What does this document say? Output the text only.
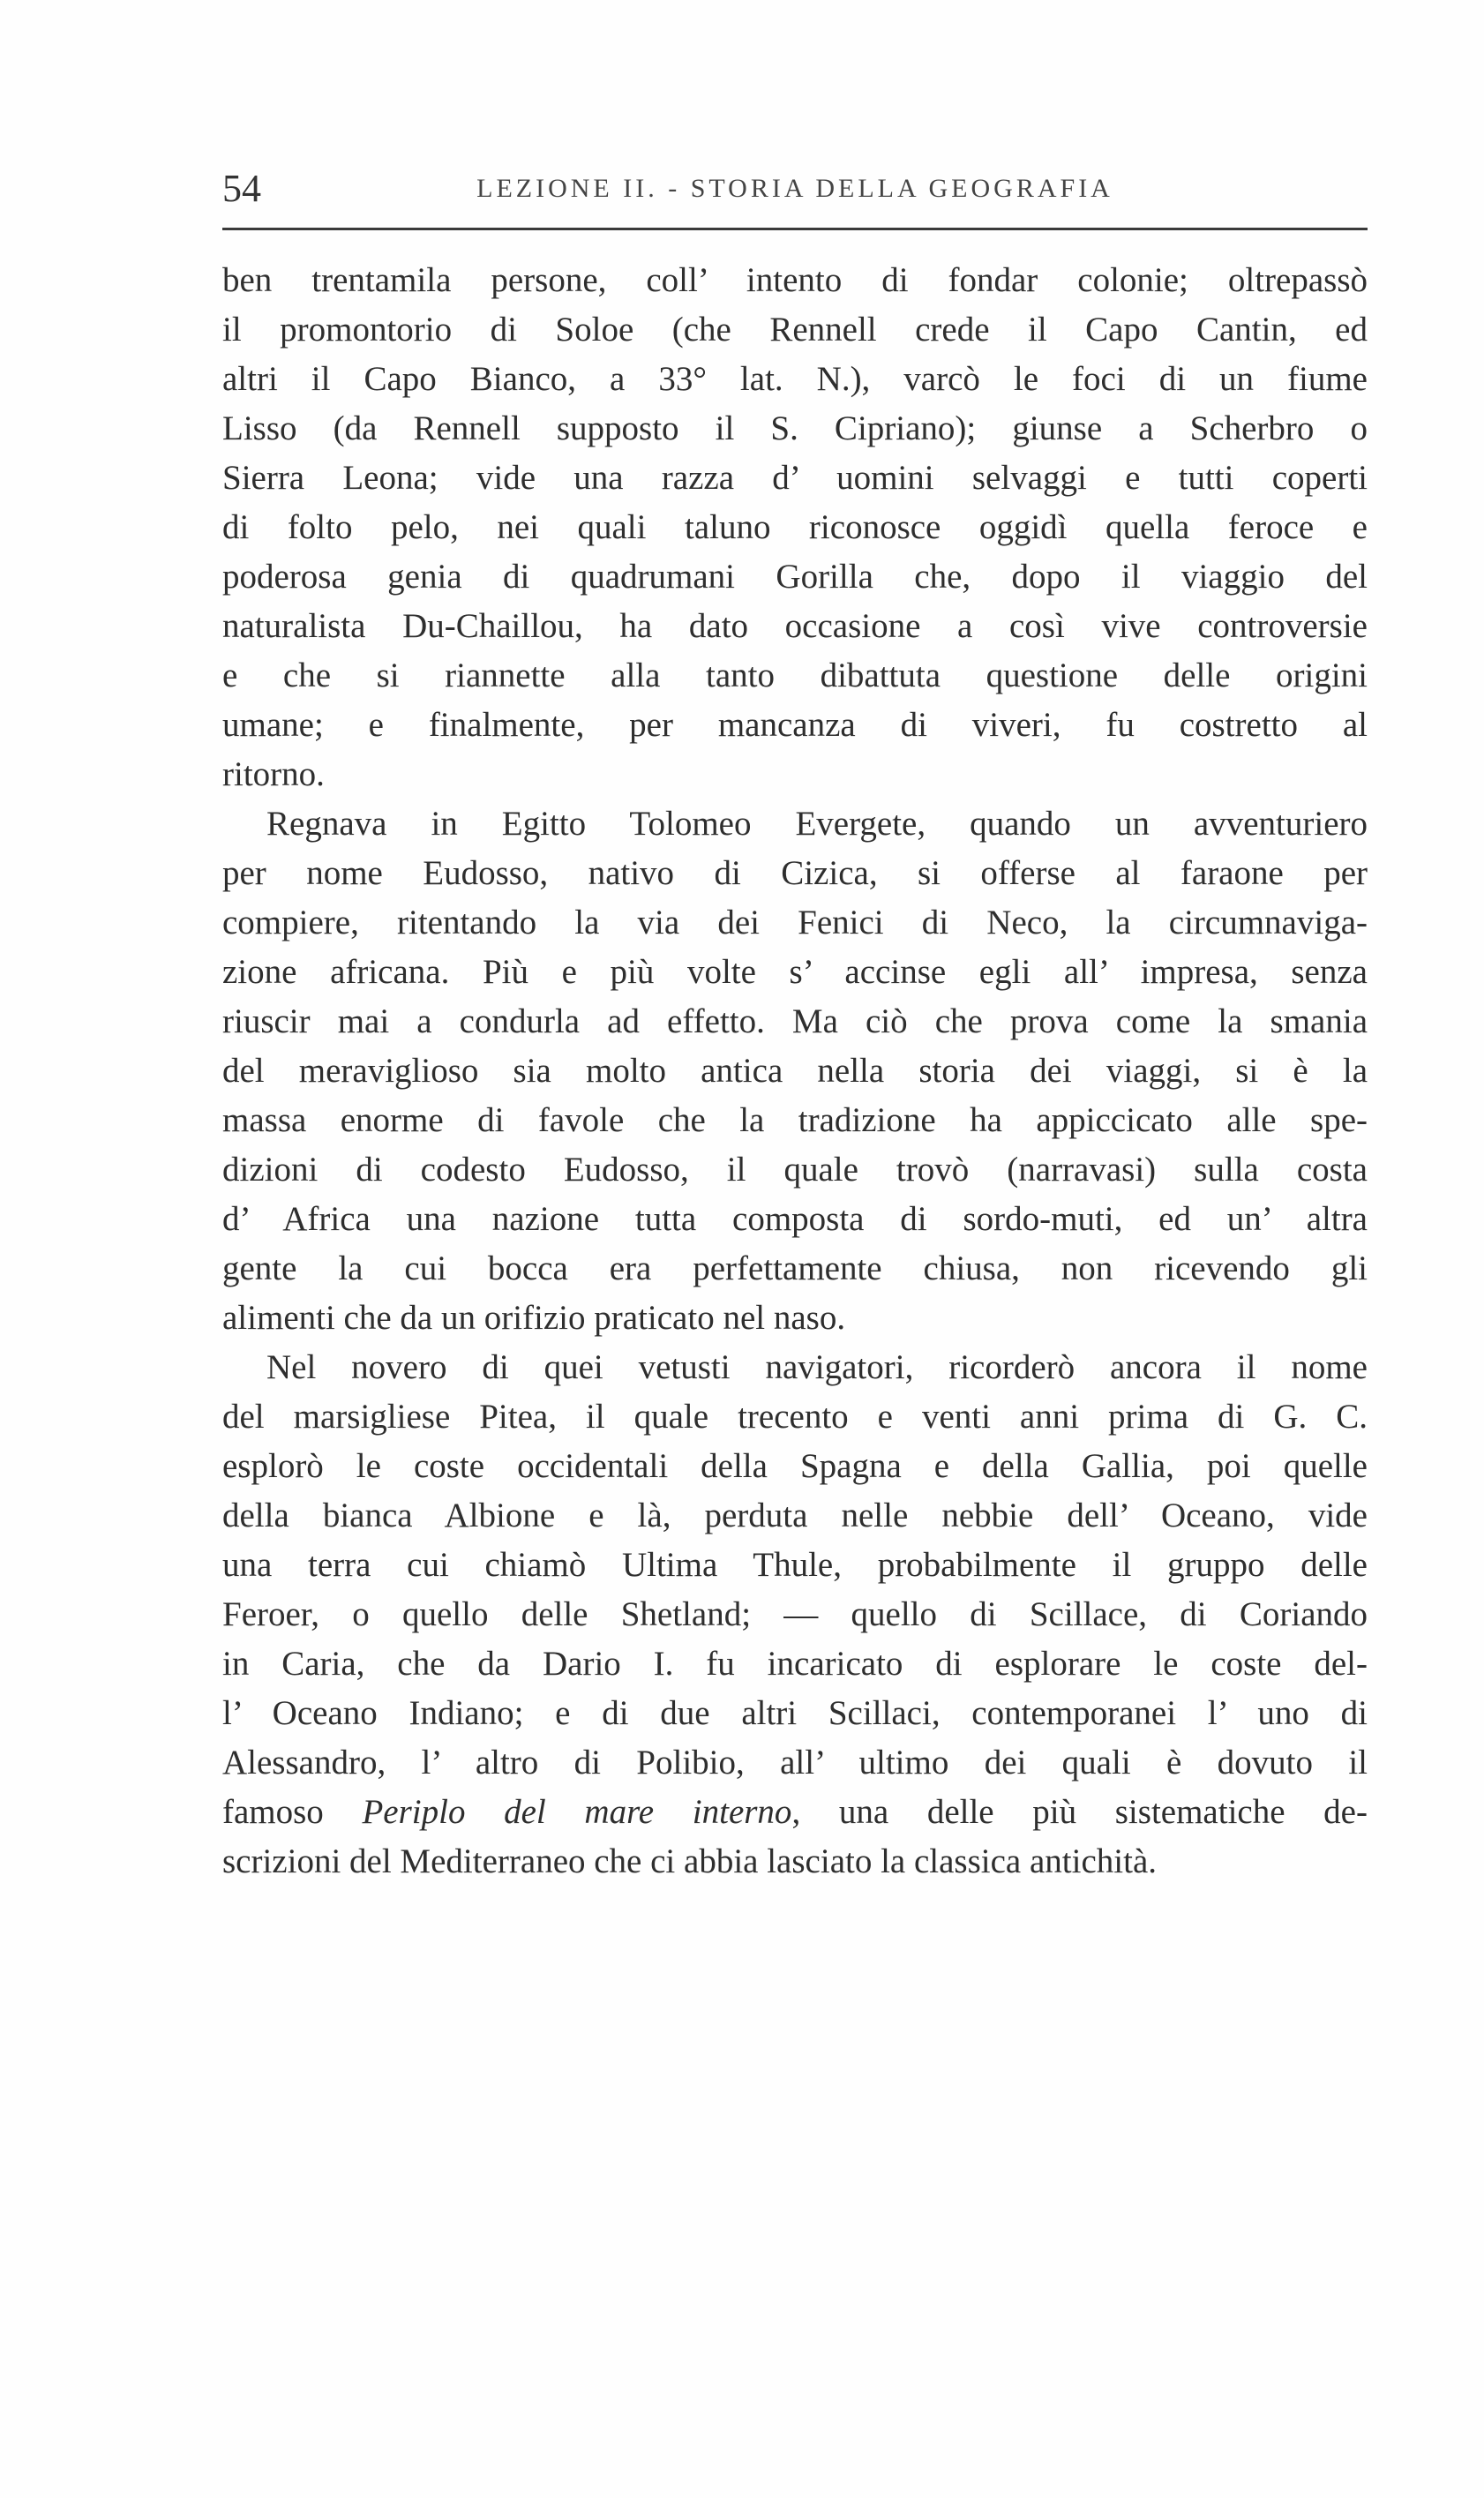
54	LEZIONE II. - STORIA DELLA GEOGRAFIA
ben trentamila persone, coll’ intento di fondar colonie; oltrepassò
il promontorio di Soloe (che Rennell crede il Capo Cantin, ed
altri il Capo Bianco, a 33° lat. N.), varcò le foci di un fiume
Lisso (da Rennell supposto il S. Cipriano); giunse a Scherbro o
Sierra Leona; vide una razza d’ uomini selvaggi e tutti coperti
di folto pelo, nei quali taluno riconosce oggidì quella feroce e
poderosa genia di quadrumani Gorilla che, dopo il viaggio del
naturalista Du-Chaillou, ha dato occasione a così vive controversie
e che si riannette alla tanto dibattuta questione delle origini
umane; e finalmente, per mancanza di viveri, fu costretto al
ritorno.
Regnava in Egitto Tolomeo Evergete, quando un avventuriero
per nome Eudosso, nativo di Cizica, si offerse al faraone per
compiere, ritentando la via dei Fenici di Neco, la circumnaviga-
zione africana. Più e più volte s’ accinse egli all’ impresa, senza
riuscir mai a condurla ad effetto. Ma ciò che prova come la smania
del meraviglioso sia molto antica nella storia dei viaggi, si è la
massa enorme di favole che la tradizione ha appiccicato alle spe-
dizioni di codesto Eudosso, il quale trovò (narravasi) sulla costa
d’ Africa una nazione tutta composta di sordo-muti, ed un’ altra
gente la cui bocca era perfettamente chiusa, non ricevendo gli
alimenti che da un orifizio praticato nel naso.
Nel novero di quei vetusti navigatori, ricorderò ancora il nome
del marsigliese Pitea, il quale trecento e venti anni prima di G. C.
esplorò le coste occidentali della Spagna e della Gallia, poi quelle
della bianca Albione e là, perduta nelle nebbie dell’ Oceano, vide
una terra cui chiamò Ultima Thule, probabilmente il gruppo delle
Feroer, o quello delle Shetland; — quello di Scillace, di Coriando
in Caria, che da Dario I. fu incaricato di esplorare le coste del-
l’ Oceano Indiano; e di due altri Scillaci, contemporanei l’ uno di
Alessandro, l’ altro di Polibio, all’ ultimo dei quali è dovuto il
famoso Periplo del mare interno, una delle più sistematiche de-
scrizioni del Mediterraneo che ci abbia lasciato la classica antichità.
